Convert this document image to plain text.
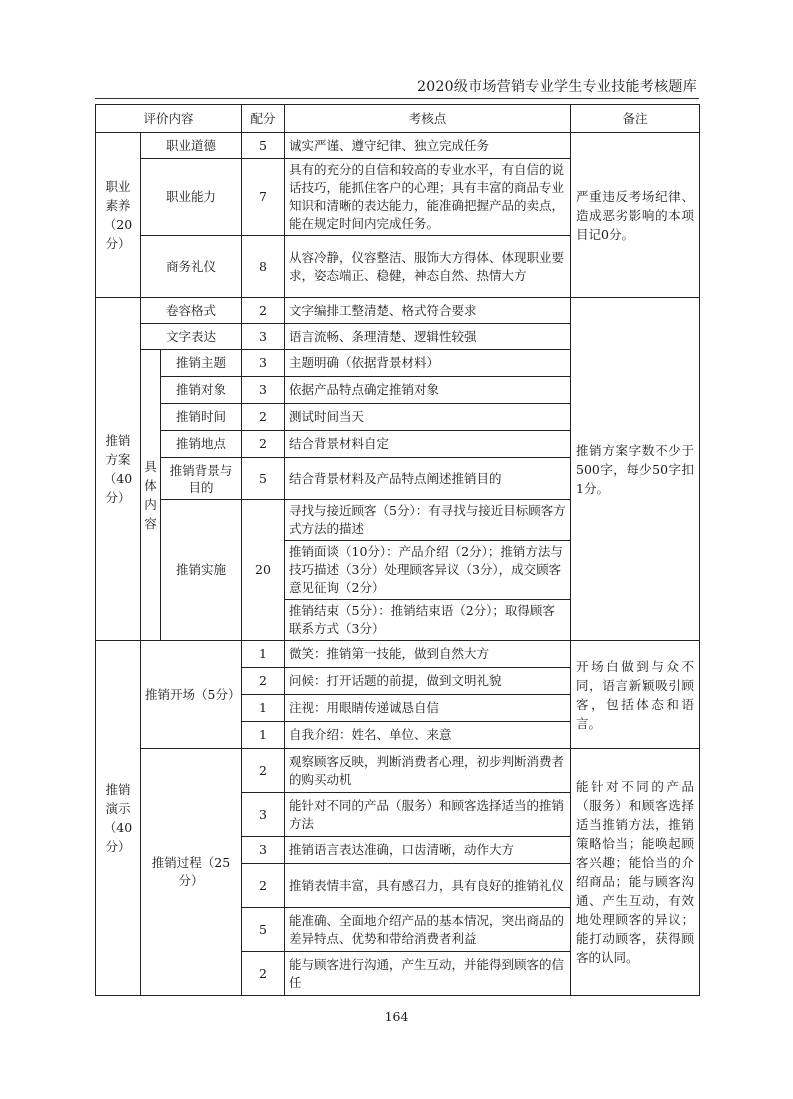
2020级市场营销专业学生专业技能考核题库
评价内容			配分	考核点	备注
职业素养（20分）	职业道德		5	诚实严谨、遵守纪律、独立完成任务	严重违反考场纪律、造成恶劣影响的本项目记0分。
	职业能力		7	具有的充分的自信和较高的专业水平，有自信的说话技巧，能抓住客户的心理；具有丰富的商品专业知识和清晰的表达能力，能准确把握产品的卖点，能在规定时间内完成任务。	
	商务礼仪		8	从容冷静，仪容整洁、服饰大方得体、体现职业要求，姿态端正、稳健，神态自然、热情大方	
推销方案（40分）	卷容格式		2	文字编排工整清楚、格式符合要求	推销方案字数不少于500字，每少50字扣1分。
	文字表达		3	语言流畅、条理清楚、逻辑性较强	
	具体内容	推销主题	3	主题明确（依据背景材料）	
		推销对象	3	依据产品特点确定推销对象	
		推销时间	2	测试时间当天	
		推销地点	2	结合背景材料自定	
		推销背景与目的	5	结合背景材料及产品特点阐述推销目的	
		推销实施	20	寻找与接近顾客（5分）：有寻找与接近目标顾客方式方法的描述	
				推销面谈（10分）：产品介绍（2分）；推销方法与技巧描述（3分）处理顾客异议（3分），成交顾客意见征询（2分）	
				推销结束（5分）：推销结束语（2分）；取得顾客联系方式（3分）	
推销演示（40分）	推销开场（5分）		1	微笑：推销第一技能，做到自然大方	开场白做到与众不同，语言新颖吸引顾客，包括体态和语言。
			2	问候：打开话题的前提，做到文明礼貌	
			1	注视：用眼睛传递诚恳自信	
			1	自我介绍：姓名、单位、来意	
	推销过程（25分）		2	观察顾客反映，判断消费者心理，初步判断消费者的购买动机	能针对不同的产品（服务）和顾客选择适当推销方法，推销策略恰当；能唤起顾客兴趣；能恰当的介绍商品；能与顾客沟通、产生互动，有效地处理顾客的异议；能打动顾客，获得顾客的认同。
			3	能针对不同的产品（服务）和顾客选择适当的推销方法	
			3	推销语言表达准确，口齿清晰，动作大方	
			2	推销表情丰富，具有感召力，具有良好的推销礼仪	
			5	能准确、全面地介绍产品的基本情况，突出商品的差异特点、优势和带给消费者利益	
			2	能与顾客进行沟通，产生互动，并能得到顾客的信任	
164
